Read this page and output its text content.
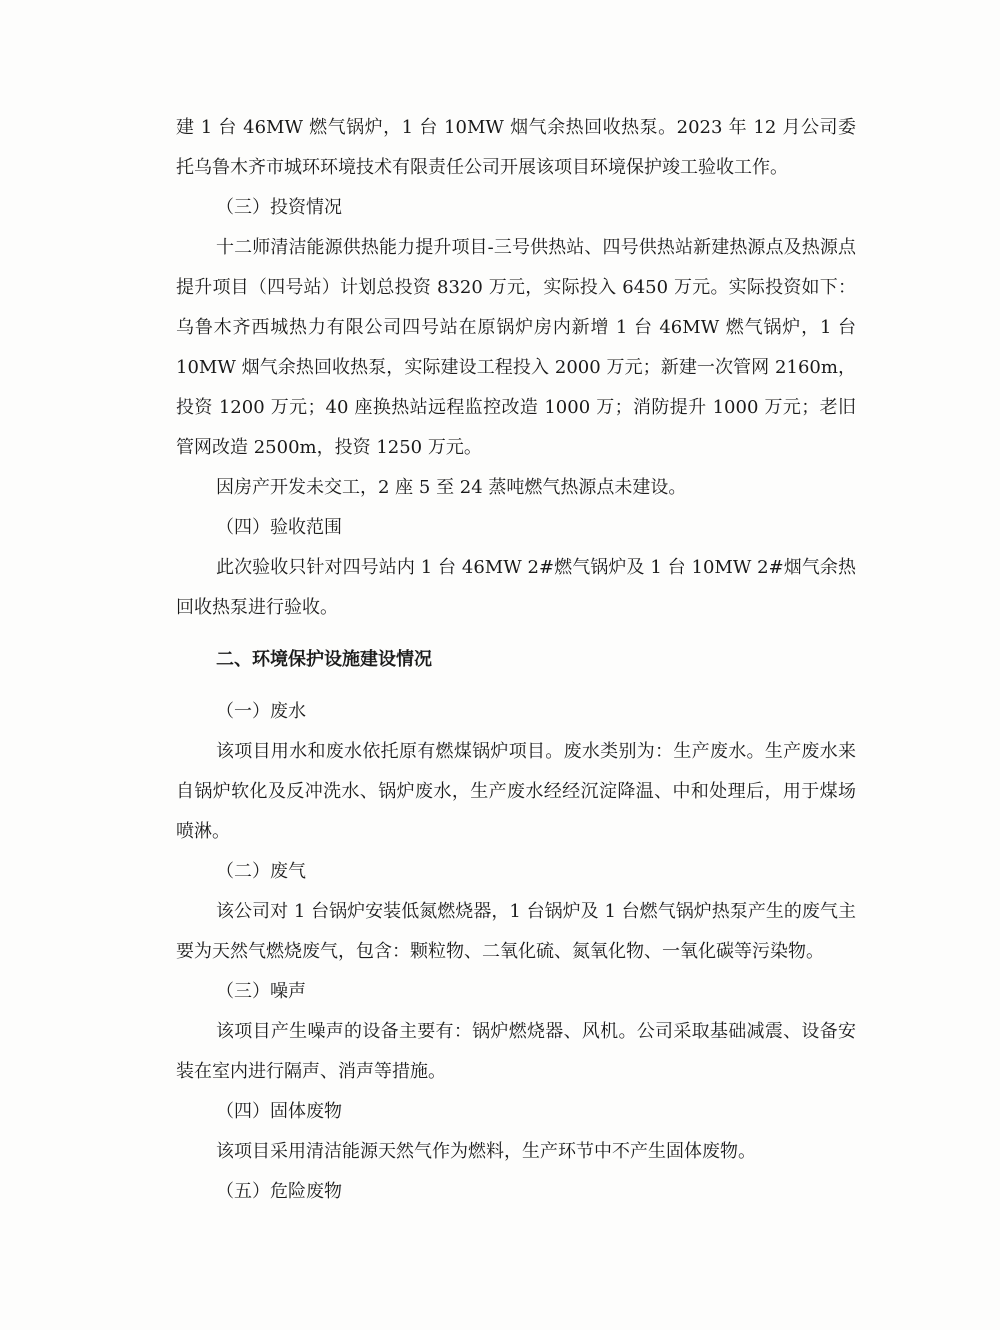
建 1 台 46MW 燃气锅炉，1 台 10MW 烟气余热回收热泵。2023 年 12 月公司委托乌鲁木齐市城环环境技术有限责任公司开展该项目环境保护竣工验收工作。

（三）投资情况

十二师清洁能源供热能力提升项目-三号供热站、四号供热站新建热源点及热源点提升项目（四号站）计划总投资 8320 万元，实际投入 6450 万元。实际投资如下：乌鲁木齐西城热力有限公司四号站在原锅炉房内新增 1 台 46MW 燃气锅炉，1 台 10MW 烟气余热回收热泵，实际建设工程投入 2000 万元；新建一次管网 2160m，投资 1200 万元；40 座换热站远程监控改造 1000 万；消防提升 1000 万元；老旧管网改造 2500m，投资 1250 万元。

因房产开发未交工，2 座 5 至 24 蒸吨燃气热源点未建设。

（四）验收范围

此次验收只针对四号站内 1 台 46MW 2#燃气锅炉及 1 台 10MW 2#烟气余热回收热泵进行验收。

二、环境保护设施建设情况

（一）废水

该项目用水和废水依托原有燃煤锅炉项目。废水类别为：生产废水。生产废水来自锅炉软化及反冲洗水、锅炉废水，生产废水经经沉淀降温、中和处理后，用于煤场喷淋。

（二）废气

该公司对 1 台锅炉安装低氮燃烧器，1 台锅炉及 1 台燃气锅炉热泵产生的废气主要为天然气燃烧废气，包含：颗粒物、二氧化硫、氮氧化物、一氧化碳等污染物。

（三）噪声

该项目产生噪声的设备主要有：锅炉燃烧器、风机。公司采取基础减震、设备安装在室内进行隔声、消声等措施。

（四）固体废物

该项目采用清洁能源天然气作为燃料，生产环节中不产生固体废物。

（五）危险废物
